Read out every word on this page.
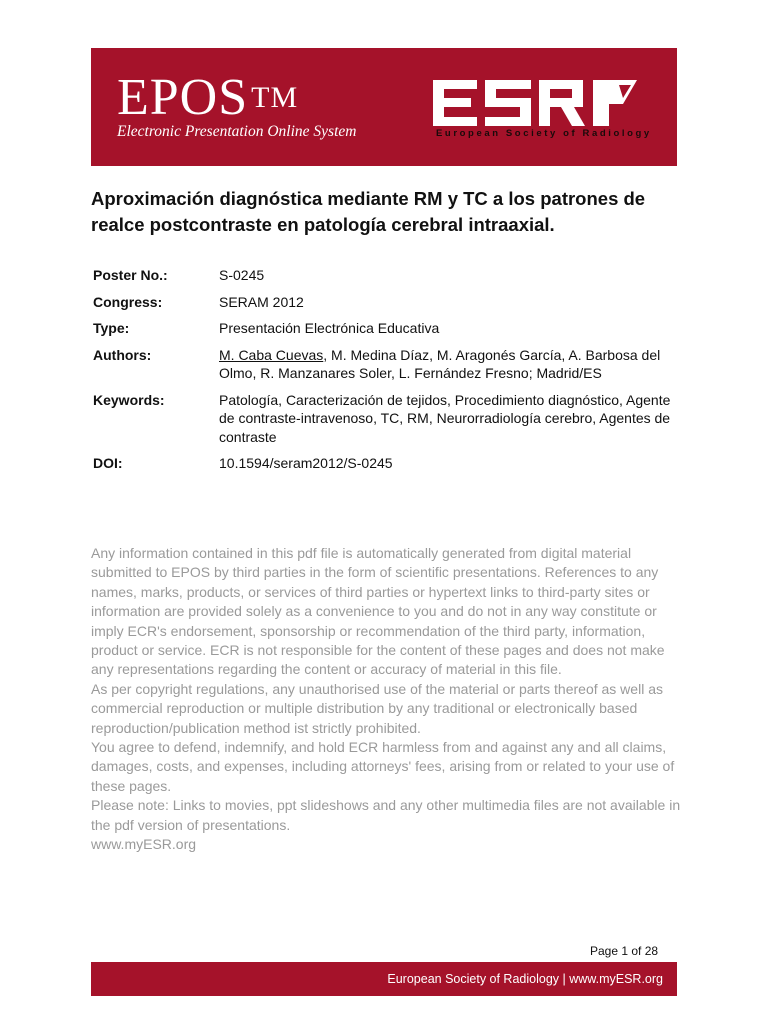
EPOS ™
Electronic Presentation Online System	European Society of Radiology
Aproximación diagnóstica mediante RM y TC a los patrones de realce postcontraste en patología cerebral intraaxial.
Poster No.:	S-0245
Congress:	SERAM 2012
Type:	Presentación Electrónica Educativa
Authors:	M. Caba Cuevas, M. Medina Díaz, M. Aragonés García, A. Barbosa del Olmo, R. Manzanares Soler, L. Fernández Fresno; Madrid/ES
Keywords:	Patología, Caracterización de tejidos, Procedimiento diagnóstico, Agente de contraste-intravenoso, TC, RM, Neurorradiología cerebro, Agentes de contraste
DOI:	10.1594/seram2012/S-0245

Any information contained in this pdf file is automatically generated from digital material submitted to EPOS by third parties in the form of scientific presentations. References to any names, marks, products, or services of third parties or hypertext links to third-party sites or information are provided solely as a convenience to you and do not in any way constitute or imply ECR's endorsement, sponsorship or recommendation of the third party, information, product or service. ECR is not responsible for the content of these pages and does not make any representations regarding the content or accuracy of material in this file.

As per copyright regulations, any unauthorised use of the material or parts thereof as well as commercial reproduction or multiple distribution by any traditional or electronically based reproduction/publication method ist strictly prohibited.

You agree to defend, indemnify, and hold ECR harmless from and against any and all claims, damages, costs, and expenses, including attorneys' fees, arising from or related to your use of these pages.

Please note: Links to movies, ppt slideshows and any other multimedia files are not available in the pdf version of presentations.

www.myESR.org

Page 1 of 28
European Society of Radiology | www.myESR.org
